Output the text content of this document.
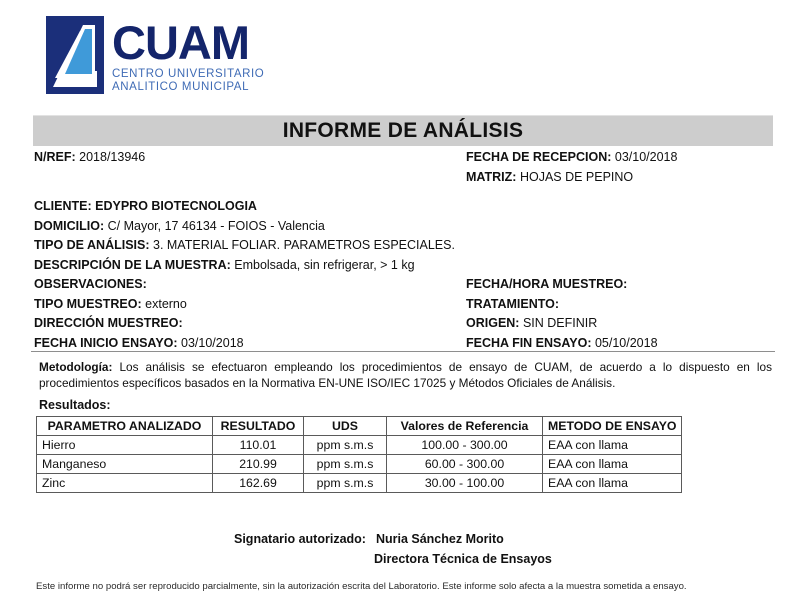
CUAM
CENTRO UNIVERSITARIO
ANALITICO MUNICIPAL
INFORME DE ANÁLISIS
N/REF: 2018/13946	FECHA DE RECEPCION: 03/10/2018
MATRIZ: HOJAS DE PEPINO
CLIENTE: EDYPRO BIOTECNOLOGIA
DOMICILIO: C/ Mayor, 17 46134 - FOIOS - Valencia
TIPO DE ANÁLISIS: 3. MATERIAL FOLIAR. PARAMETROS ESPECIALES.
DESCRIPCIÓN DE LA MUESTRA: Embolsada, sin refrigerar, > 1 kg
OBSERVACIONES:	FECHA/HORA MUESTREO:
TIPO MUESTREO: externo	TRATAMIENTO:
DIRECCIÓN MUESTREO:	ORIGEN: SIN DEFINIR
FECHA INICIO ENSAYO: 03/10/2018	FECHA FIN ENSAYO: 05/10/2018
Metodología: Los análisis se efectuaron empleando los procedimientos de ensayo de CUAM, de acuerdo a lo dispuesto en los procedimientos específicos basados en la Normativa EN-UNE ISO/IEC 17025 y Métodos Oficiales de Análisis.
Resultados:
PARAMETRO ANALIZADO	RESULTADO	UDS	Valores de Referencia	METODO DE ENSAYO
Hierro	110.01	ppm s.m.s	100.00 - 300.00	EAA con llama
Manganeso	210.99	ppm s.m.s	60.00 - 300.00	EAA con llama
Zinc	162.69	ppm s.m.s	30.00 - 100.00	EAA con llama
Signatario autorizado: Nuria Sánchez Morito
Directora Técnica de Ensayos
Este informe no podrá ser reproducido parcialmente, sin la autorización escrita del Laboratorio. Este informe solo afecta a la muestra sometida a ensayo.
